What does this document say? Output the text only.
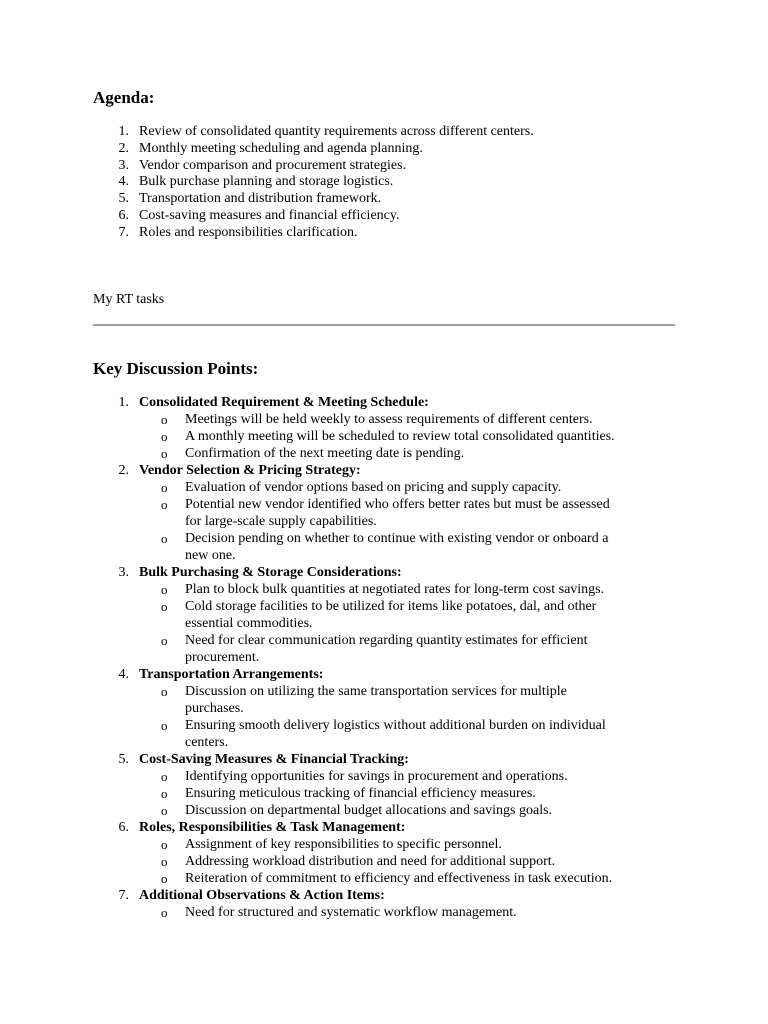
Agenda:
1. Review of consolidated quantity requirements across different centers.
2. Monthly meeting scheduling and agenda planning.
3. Vendor comparison and procurement strategies.
4. Bulk purchase planning and storage logistics.
5. Transportation and distribution framework.
6. Cost-saving measures and financial efficiency.
7. Roles and responsibilities clarification.

My RT tasks

Key Discussion Points:
1. Consolidated Requirement & Meeting Schedule:
o Meetings will be held weekly to assess requirements of different centers.
o A monthly meeting will be scheduled to review total consolidated quantities.
o Confirmation of the next meeting date is pending.
2. Vendor Selection & Pricing Strategy:
o Evaluation of vendor options based on pricing and supply capacity.
o Potential new vendor identified who offers better rates but must be assessed for large-scale supply capabilities.
o Decision pending on whether to continue with existing vendor or onboard a new one.
3. Bulk Purchasing & Storage Considerations:
o Plan to block bulk quantities at negotiated rates for long-term cost savings.
o Cold storage facilities to be utilized for items like potatoes, dal, and other essential commodities.
o Need for clear communication regarding quantity estimates for efficient procurement.
4. Transportation Arrangements:
o Discussion on utilizing the same transportation services for multiple purchases.
o Ensuring smooth delivery logistics without additional burden on individual centers.
5. Cost-Saving Measures & Financial Tracking:
o Identifying opportunities for savings in procurement and operations.
o Ensuring meticulous tracking of financial efficiency measures.
o Discussion on departmental budget allocations and savings goals.
6. Roles, Responsibilities & Task Management:
o Assignment of key responsibilities to specific personnel.
o Addressing workload distribution and need for additional support.
o Reiteration of commitment to efficiency and effectiveness in task execution.
7. Additional Observations & Action Items:
o Need for structured and systematic workflow management.
